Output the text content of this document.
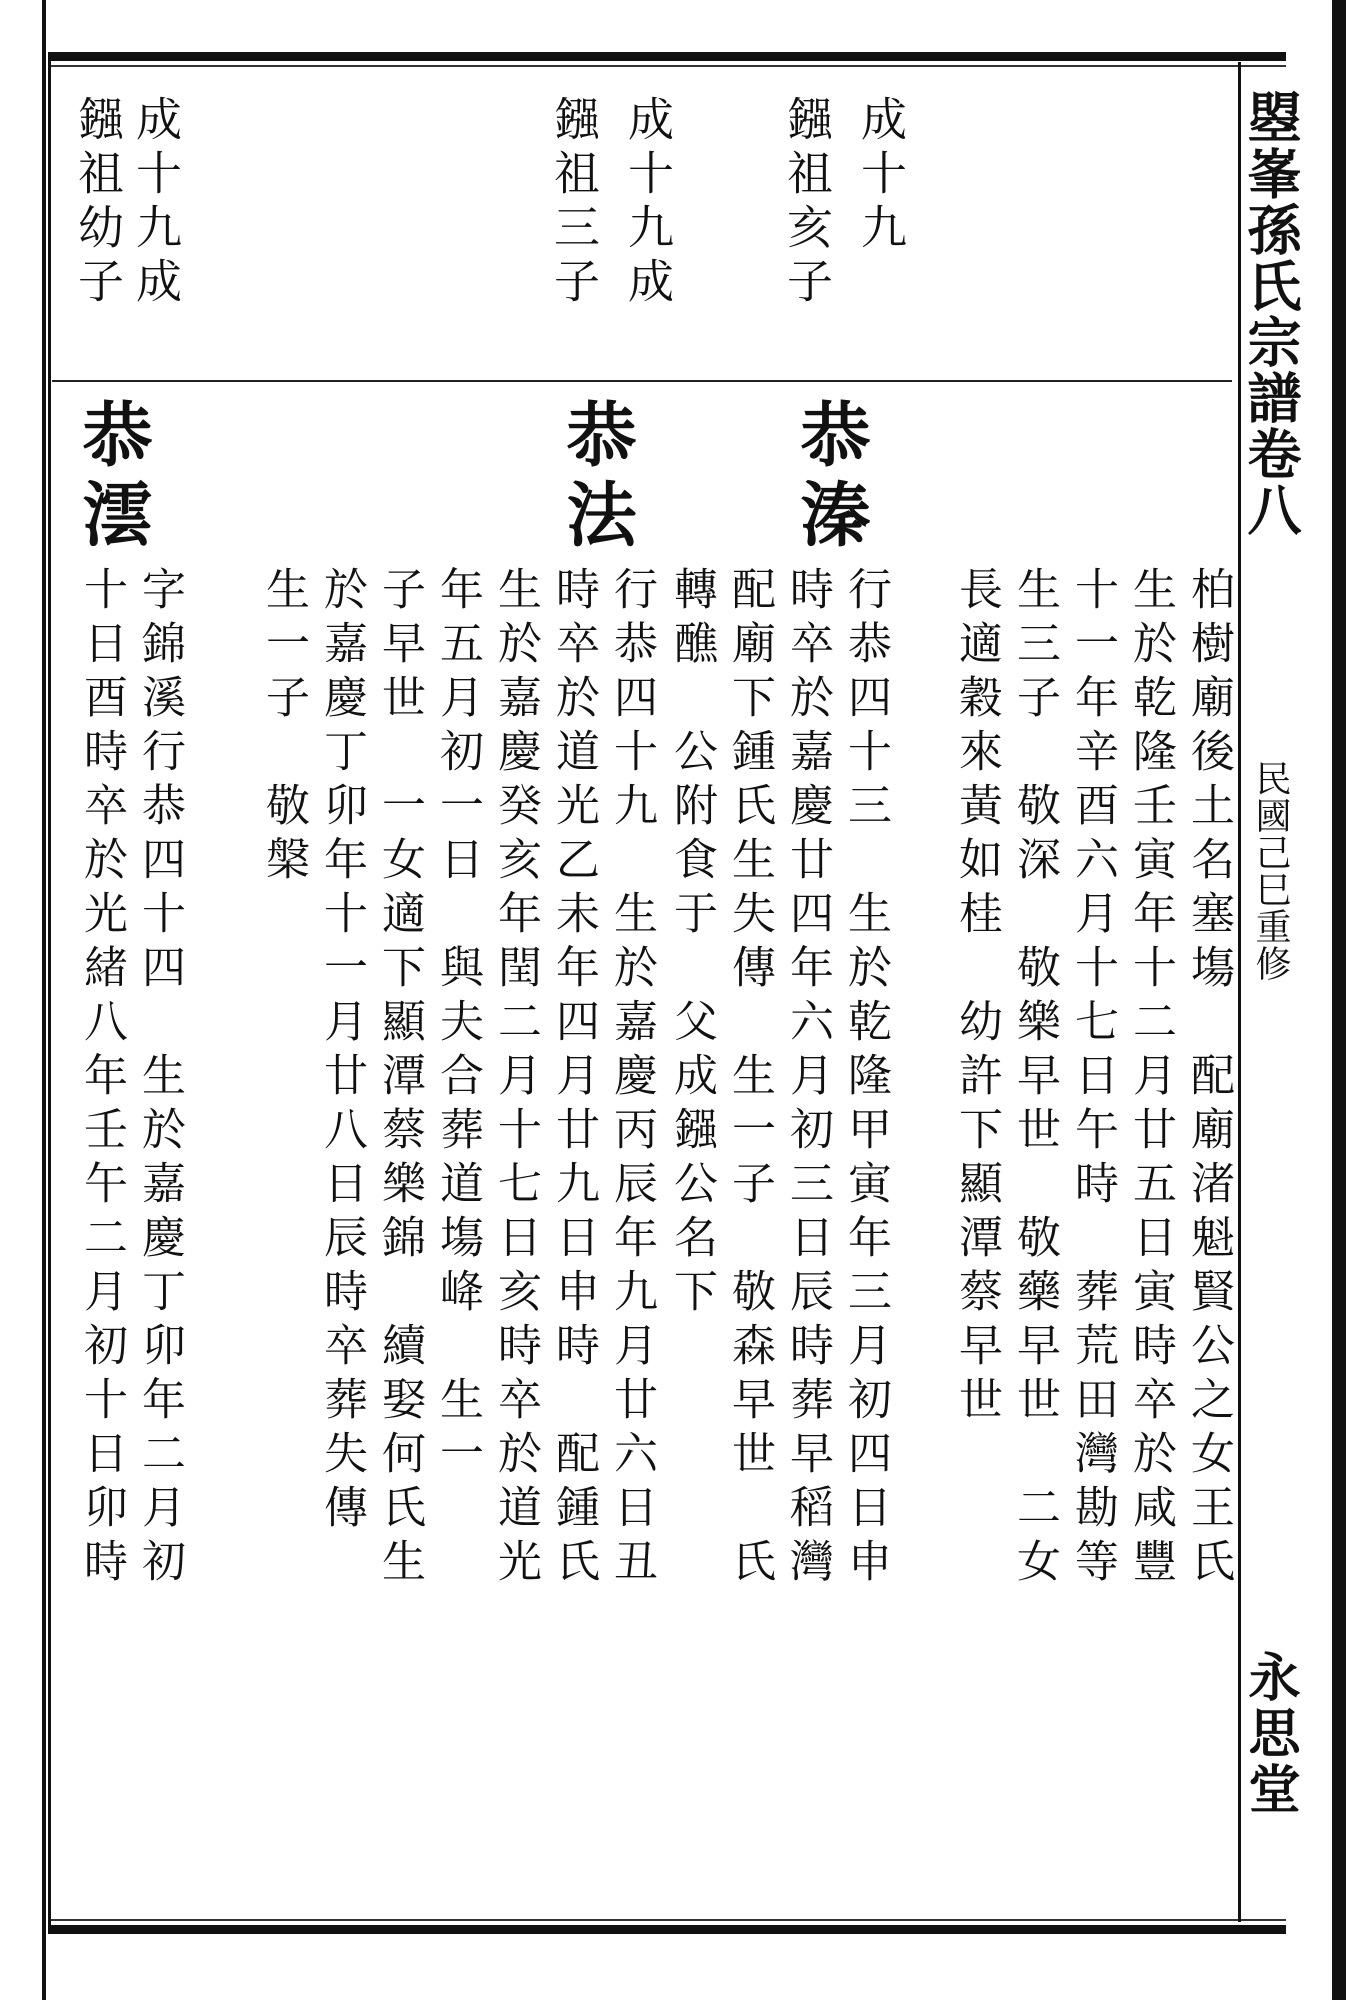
曌峯孫氏宗譜卷八
民國己巳重修
永思堂
成十九
鏹祖亥子
成十九成
鏹祖三子
成十九成
鏹祖幼子
柏樹廟後土名塞塲　配廟渚魁賢公之女王氏
生於乾隆壬寅年十二月廿五日寅時卒於咸豐
十一年辛酉六月十七日午時　葬荒田灣勘等
生三子　敬深　敬樂早世　敬藥早世　二女
長適穀來黃如桂　幼許下顯潭蔡早世
恭溱
行恭四十三　生於乾隆甲寅年三月初四日申
時卒於嘉慶廿四年六月初三日辰時葬早稻灣
配廟下鍾氏生失傳　生一子　敬森早世　氏
轉醮　公附食于　父成鏹公名下
恭法
行恭四十九　生於嘉慶丙辰年九月廿六日丑
時卒於道光乙未年四月廿九日申時　配鍾氏
生於嘉慶癸亥年閏二月十七日亥時卒於道光
年五月初一日　與夫合葬道塲𡶶　生一
子早世　一女適下顯潭蔡樂錦　續娶何氏生
於嘉慶丁卯年十一月廿八日辰時卒葬失傳
生一子　敬槃
恭澐
字錦溪行恭四十四　生於嘉慶丁卯年二月初
十日酉時卒於光緒八年壬午二月初十日卯時
